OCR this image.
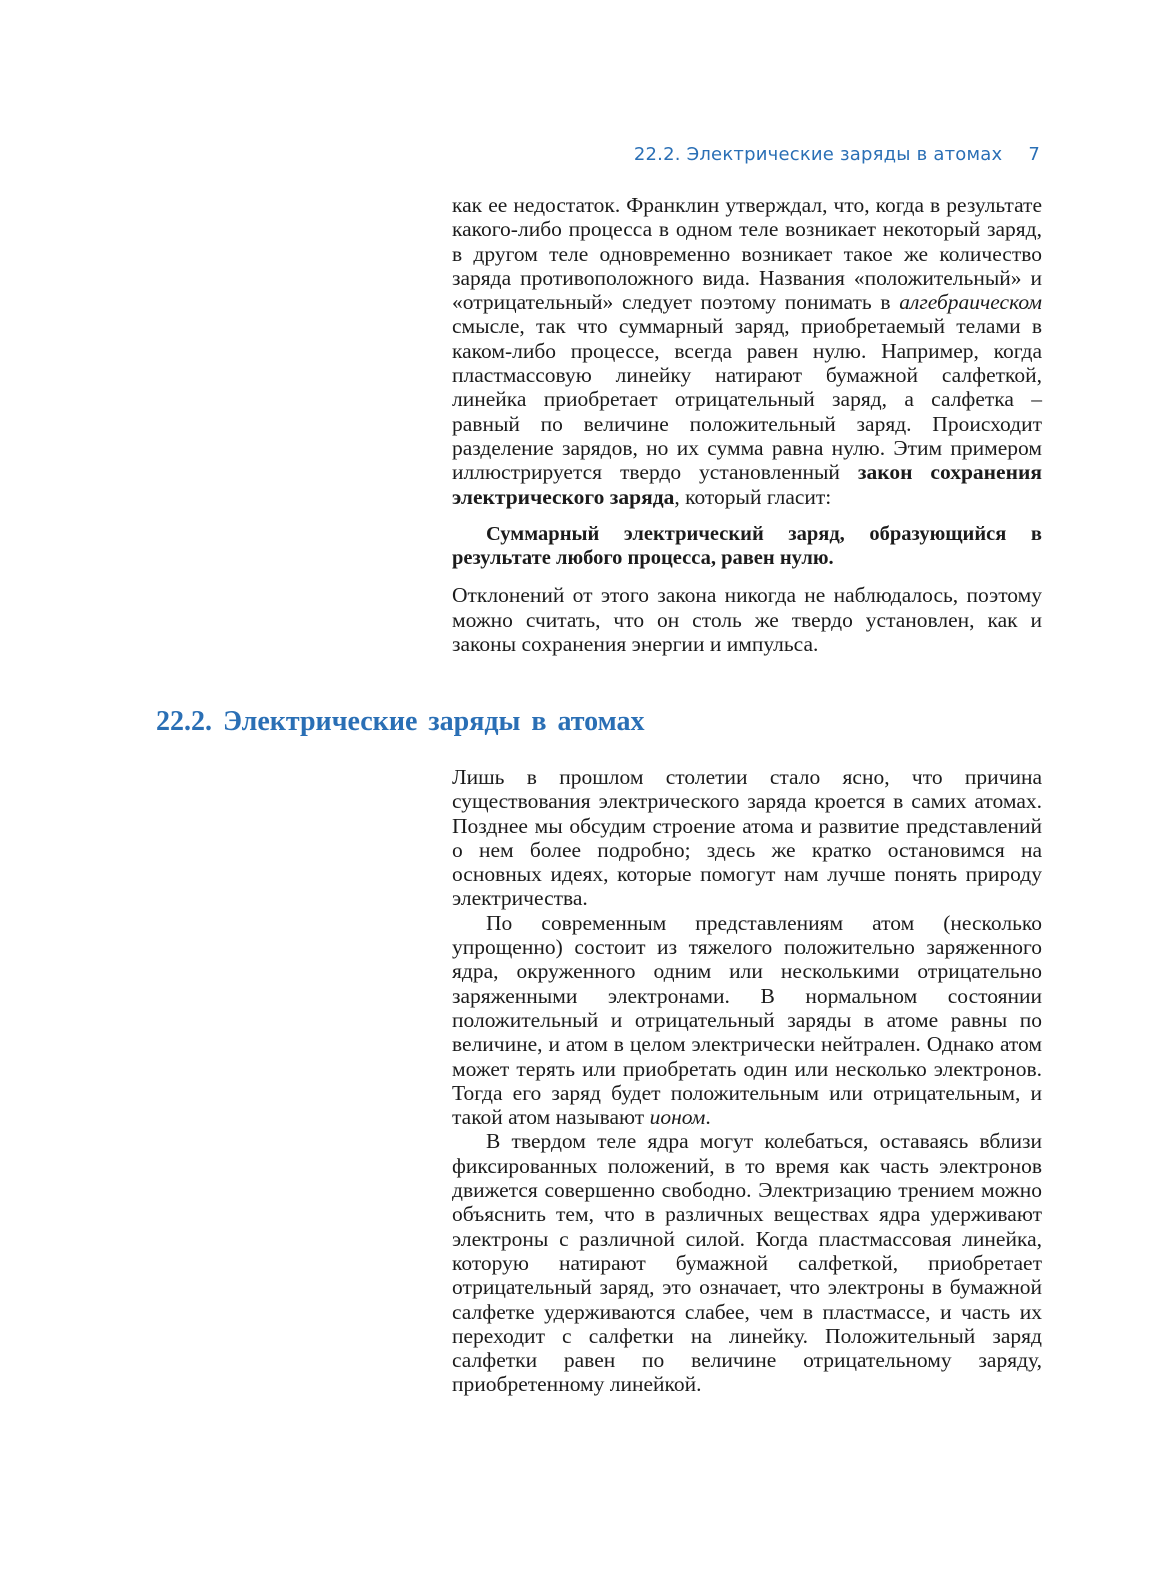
22.2. Электрические заряды в атомах 7

как ее недостаток. Франклин утверждал, что, когда в результате какого-либо процесса в одном теле возникает некоторый заряд, в другом теле одновременно возникает такое же количество заряда противоположного вида. Названия «положительный» и «отрицательный» следует поэтому понимать в алгебраическом смысле, так что суммарный заряд, приобретаемый телами в каком-либо процессе, всегда равен нулю. Например, когда пластмассовую линейку натирают бумажной салфеткой, линейка приобретает отрицательный заряд, а салфетка – равный по величине положительный заряд. Происходит разделение зарядов, но их сумма равна нулю. Этим примером иллюстрируется твердо установленный закон сохранения электрического заряда, который гласит:

Суммарный электрический заряд, образующийся в результате любого процесса, равен нулю.

Отклонений от этого закона никогда не наблюдалось, поэтому можно считать, что он столь же твердо установлен, как и законы сохранения энергии и импульса.

22.2. Электрические заряды в атомах

Лишь в прошлом столетии стало ясно, что причина существования электрического заряда кроется в самих атомах. Позднее мы обсудим строение атома и развитие представлений о нем более подробно; здесь же кратко остановимся на основных идеях, которые помогут нам лучше понять природу электричества.

По современным представлениям атом (несколько упрощенно) состоит из тяжелого положительно заряженного ядра, окруженного одним или несколькими отрицательно заряженными электронами. В нормальном состоянии положительный и отрицательный заряды в атоме равны по величине, и атом в целом электрически нейтрален. Однако атом может терять или приобретать один или несколько электронов. Тогда его заряд будет положительным или отрицательным, и такой атом называют ионом.

В твердом теле ядра могут колебаться, оставаясь вблизи фиксированных положений, в то время как часть электронов движется совершенно свободно. Электризацию трением можно объяснить тем, что в различных веществах ядра удерживают электроны с различной силой. Когда пластмассовая линейка, которую натирают бумажной салфеткой, приобретает отрицательный заряд, это означает, что электроны в бумажной салфетке удерживаются слабее, чем в пластмассе, и часть их переходит с салфетки на линейку. Положительный заряд салфетки равен по величине отрицательному заряду, приобретенному линейкой.
